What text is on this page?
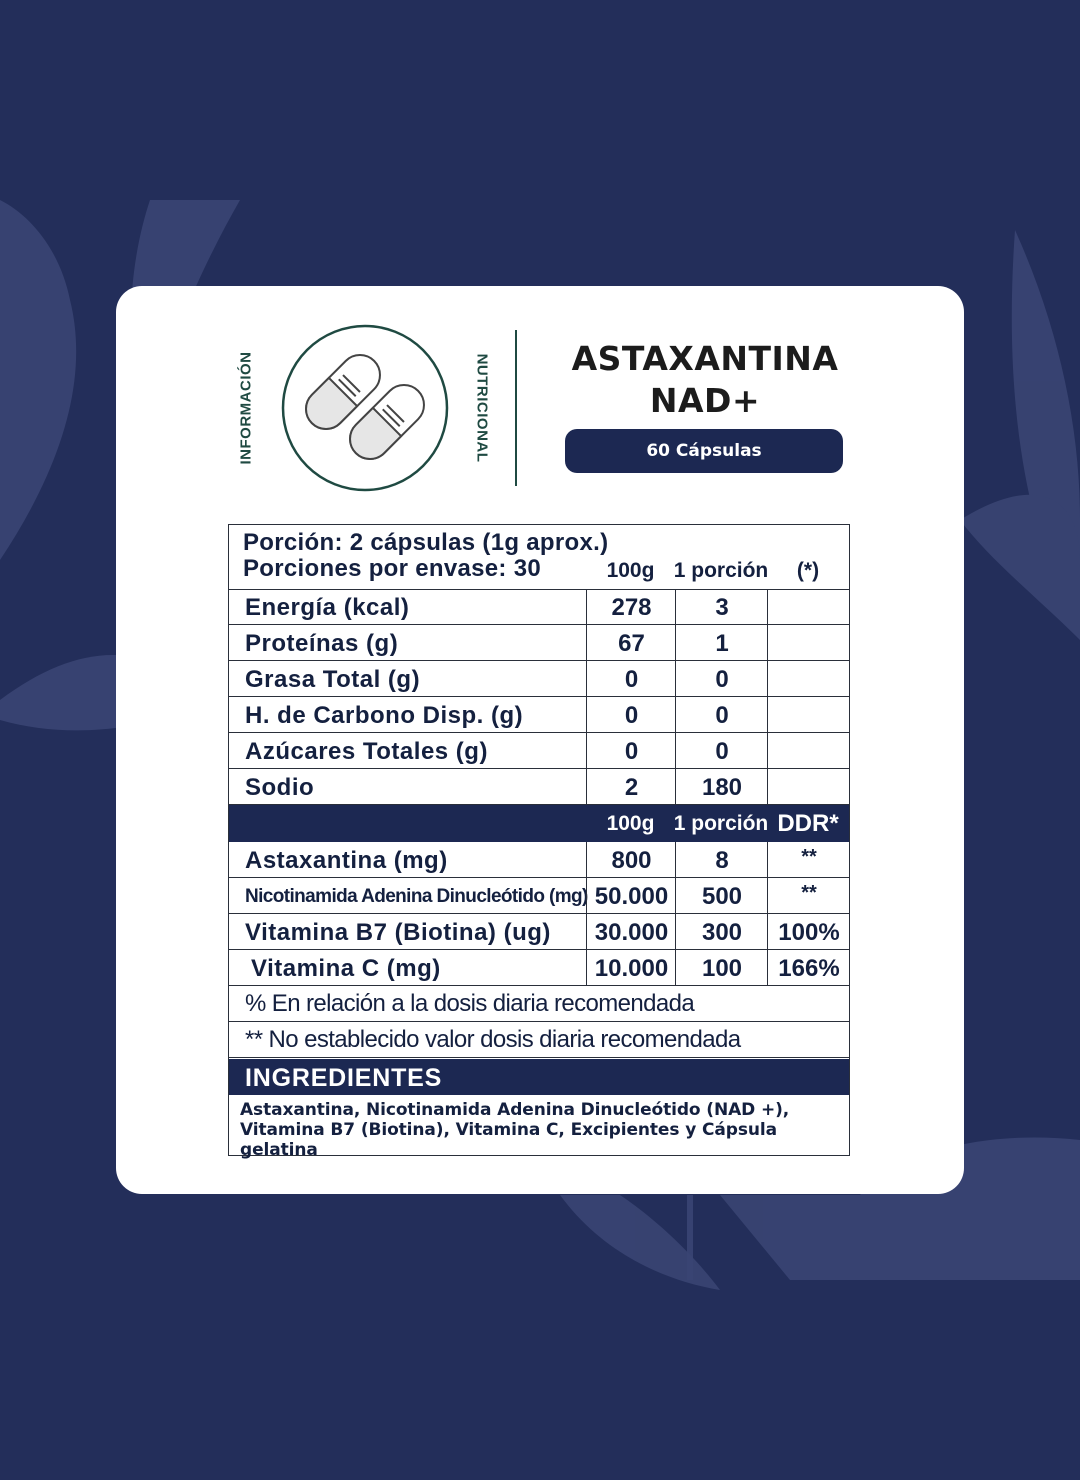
INFORMACIÓN	NUTRICIONAL	ASTAXANTINA
NAD+
60 Cápsulas
Porción: 2 cápsulas (1g aprox.)
Porciones por envase: 30	100g 1 porción	(*)
Energía (kcal)	278	3
Proteínas (g)	67	1
Grasa Total (g)	0	0
H. de Carbono Disp. (g)	0	0
Azúcares Totales (g)	0	0
Sodio	2	180
100g 1 porción DDR*
Astaxantina (mg)	800	8	**
Nicotinamida Adenina Dinucleótido (mg) 50.000	500	**
Vitamina B7 (Biotina) (ug)	30.000	300	100%
Vitamina C (mg)	10.000	100	166%
% En relación a la dosis diaria recomendada
** No establecido valor dosis diaria recomendada
INGREDIENTES
Astaxantina, Nicotinamida Adenina Dinucleótido (NAD +),
Vitamina B7 (Biotina), Vitamina C, Excipientes y Cápsula gelatina
